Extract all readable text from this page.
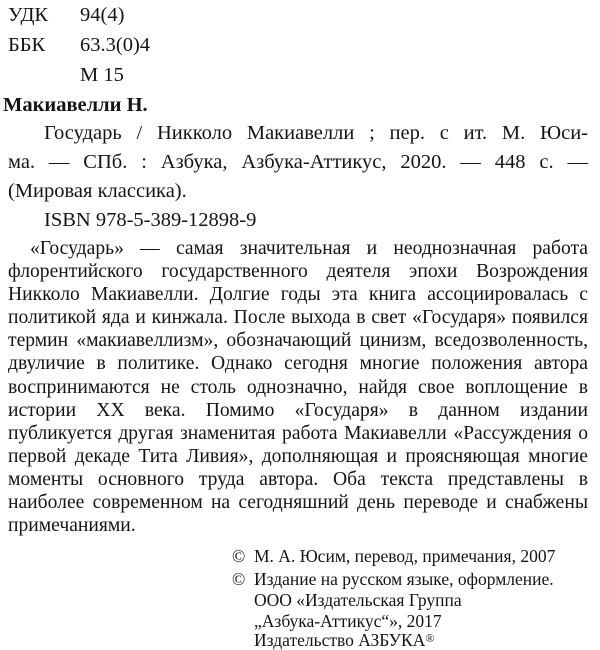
УДК 94(4)
ББК 63.3(0)4
М 15
Макиавелли Н.
Государь / Никколо Макиавелли ; пер. с ит. М. Юси-
ма. — СПб. : Азбука, Азбука-Аттикус, 2020. — 448 с. —
(Мировая классика).
ISBN 978-5-389-12898-9
«Государь» — самая значительная и неоднозначная работа флорентийского государственного деятеля эпохи Возрождения Никколо Макиавелли. Долгие годы эта книга ассоциировалась с политикой яда и кинжала. После выхода в свет «Государя» появился термин «макиавеллизм», обозначающий цинизм, вседозволенность, двуличие в политике. Однако сегодня многие положения автора воспринимаются не столь однозначно, найдя свое воплощение в истории XX века. Помимо «Государя» в данном издании публикуется другая знаменитая работа Макиавелли «Рассуждения о первой декаде Тита Ливия», дополняющая и проясняющая многие моменты основного труда автора. Оба текста представлены в наиболее современном на сегодняшний день переводе и снабжены примечаниями.
© М. А. Юсим, перевод, примечания, 2007
© Издание на русском языке, оформление.
ООО «Издательская Группа
„Азбука-Аттикус“», 2017
Издательство АЗБУКА®
